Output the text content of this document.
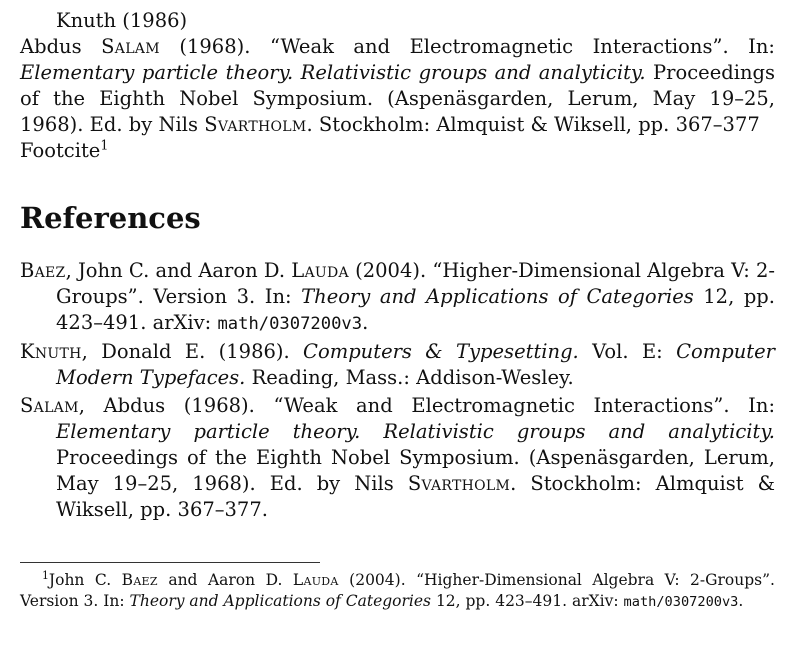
Knuth (1986)
Abdus Salam (1968). “Weak and Electromagnetic Interactions”. In: Elementary particle theory. Relativistic groups and analyticity. Proceedings of the Eighth Nobel Symposium. (Aspenäsgarden, Lerum, May 19–25, 1968). Ed. by Nils Svartholm. Stockholm: Almquist & Wiksell, pp. 367–377
Footcite$^1$
References
Baez, John C. and Aaron D. Lauda (2004). “Higher-Dimensional Algebra V: 2-Groups”. Version 3. In: Theory and Applications of Categories 12, pp. 423–491. arXiv: math/0307200v3.
Knuth, Donald E. (1986). Computers & Typesetting. Vol. E: Computer Modern Typefaces. Reading, Mass.: Addison-Wesley.
Salam, Abdus (1968). “Weak and Electromagnetic Interactions”. In: Elementary particle theory. Relativistic groups and analyticity. Proceedings of the Eighth Nobel Symposium. (Aspenäsgarden, Lerum, May 19–25, 1968). Ed. by Nils Svartholm. Stockholm: Almquist & Wiksell, pp. 367–377.
$^1$John C. Baez and Aaron D. Lauda (2004). “Higher-Dimensional Algebra V: 2-Groups”. Version 3. In: Theory and Applications of Categories 12, pp. 423–491. arXiv: math/0307200v3.
